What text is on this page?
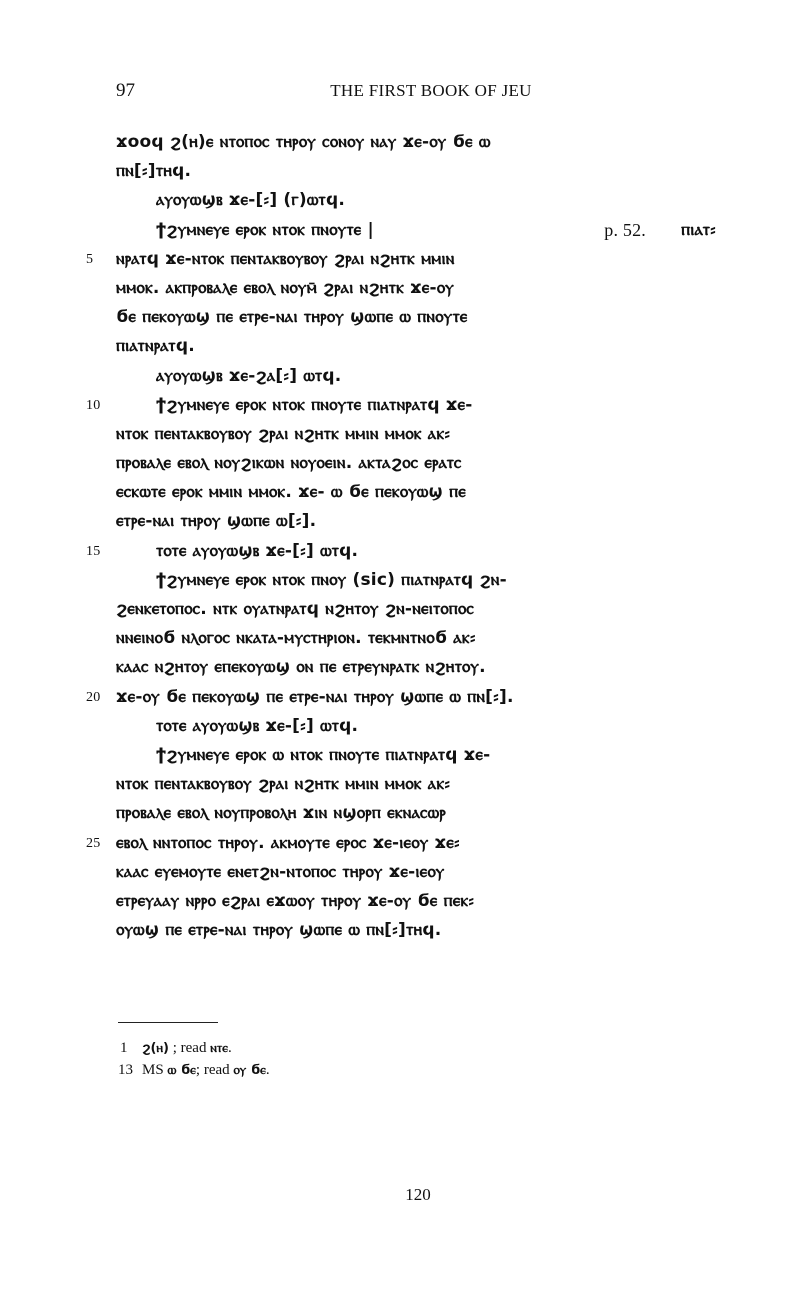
97	THE FIRST BOOK OF JEU
ϫοοϥ ϩ(ⲏ)ⲉ ⲛⲧⲟⲡⲟⲥ ⲧⲏⲣⲟⲩ ⲥⲟⲛⲟⲩ ⲛⲁⲩ ϫⲉ-ⲟⲩ ϭⲉ ⲱ
ⲡⲛ[⸗]ⲧⲏϥ.
ⲁⲩⲟⲩⲱϣⲃ ϫⲉ-[⸗] (ⲅ)ⲱⲧϥ.
ϯϩⲩⲙⲛⲉⲩⲉ ⲉⲣⲟⲕ ⲛⲧⲟⲕ ⲡⲛⲟⲩⲧⲉ |	p. 52. ⲡⲓⲁⲧ⸗
ⲛⲣⲁⲧϥ ϫⲉ-ⲛⲧⲟⲕ ⲡⲉⲛⲧⲁⲕⲃⲟⲩⲃⲟⲩ ϩⲣⲁⲓ ⲛϩⲏⲧⲕ ⲙⲙⲓⲛ
5
ⲙⲙⲟⲕ. ⲁⲕⲡⲣⲟⲃⲁⲗⲉ ⲉⲃⲟⲗ ⲛⲟⲩⲙ̄ ϩⲣⲁⲓ ⲛϩⲏⲧⲕ ϫⲉ-ⲟⲩ
ϭⲉ ⲡⲉⲕⲟⲩⲱϣ ⲡⲉ ⲉⲧⲣⲉ-ⲛⲁⲓ ⲧⲏⲣⲟⲩ ϣⲱⲡⲉ ⲱ ⲡⲛⲟⲩⲧⲉ
ⲡⲓⲁⲧⲛⲣⲁⲧϥ.
ⲁⲩⲟⲩⲱϣⲃ ϫⲉ-ϩⲁ[⸗] ⲱⲧϥ.
ϯϩⲩⲙⲛⲉⲩⲉ ⲉⲣⲟⲕ ⲛⲧⲟⲕ ⲡⲛⲟⲩⲧⲉ ⲡⲓⲁⲧⲛⲣⲁⲧϥ ϫⲉ-
10
ⲛⲧⲟⲕ ⲡⲉⲛⲧⲁⲕⲃⲟⲩⲃⲟⲩ ϩⲣⲁⲓ ⲛϩⲏⲧⲕ ⲙⲙⲓⲛ ⲙⲙⲟⲕ ⲁⲕ⸗
ⲡⲣⲟⲃⲁⲗⲉ ⲉⲃⲟⲗ ⲛⲟⲩϩⲓⲕⲱⲛ ⲛⲟⲩⲟⲉⲓⲛ. ⲁⲕⲧⲁϩⲟⲥ ⲉⲣⲁⲧⲥ
ⲉⲥⲕⲱⲧⲉ ⲉⲣⲟⲕ ⲙⲙⲓⲛ ⲙⲙⲟⲕ. ϫⲉ- ⲱ ϭⲉ ⲡⲉⲕⲟⲩⲱϣ ⲡⲉ
ⲉⲧⲣⲉ-ⲛⲁⲓ ⲧⲏⲣⲟⲩ ϣⲱⲡⲉ ⲱ[⸗].
ⲧⲟⲧⲉ ⲁⲩⲟⲩⲱϣⲃ ϫⲉ-[⸗] ⲱⲧϥ.
15
ϯϩⲩⲙⲛⲉⲩⲉ ⲉⲣⲟⲕ ⲛⲧⲟⲕ ⲡⲛⲟⲩ (sic) ⲡⲓⲁⲧⲛⲣⲁⲧϥ ϩⲛ-
ϩⲉⲛⲕⲉⲧⲟⲡⲟⲥ. ⲛⲧⲕ ⲟⲩⲁⲧⲛⲣⲁⲧϥ ⲛϩⲏⲧⲟⲩ ϩⲛ-ⲛⲉⲓⲧⲟⲡⲟⲥ
ⲛⲛⲉⲓⲛⲟϭ ⲛⲗⲟⲅⲟⲥ ⲛⲕⲁⲧⲁ-ⲙⲩⲥⲧⲏⲣⲓⲟⲛ. ⲧⲉⲕⲙⲛⲧⲛⲟϭ ⲁⲕ⸗
ⲕⲁⲁⲥ ⲛϩⲏⲧⲟⲩ ⲉⲡⲉⲕⲟⲩⲱϣ ⲟⲛ ⲡⲉ ⲉⲧⲣⲉⲩⲛⲣⲁⲧⲕ ⲛϩⲏⲧⲟⲩ.
ϫⲉ-ⲟⲩ ϭⲉ ⲡⲉⲕⲟⲩⲱϣ ⲡⲉ ⲉⲧⲣⲉ-ⲛⲁⲓ ⲧⲏⲣⲟⲩ ϣⲱⲡⲉ ⲱ ⲡⲛ[⸗].
20
ⲧⲟⲧⲉ ⲁⲩⲟⲩⲱϣⲃ ϫⲉ-[⸗] ⲱⲧϥ.
ϯϩⲩⲙⲛⲉⲩⲉ ⲉⲣⲟⲕ ⲱ ⲛⲧⲟⲕ ⲡⲛⲟⲩⲧⲉ ⲡⲓⲁⲧⲛⲣⲁⲧϥ ϫⲉ-
ⲛⲧⲟⲕ ⲡⲉⲛⲧⲁⲕⲃⲟⲩⲃⲟⲩ ϩⲣⲁⲓ ⲛϩⲏⲧⲕ ⲙⲙⲓⲛ ⲙⲙⲟⲕ ⲁⲕ⸗
ⲡⲣⲟⲃⲁⲗⲉ ⲉⲃⲟⲗ ⲛⲟⲩⲡⲣⲟⲃⲟⲗⲏ ϫⲓⲛ ⲛϣⲟⲣⲡ ⲉⲕⲛⲁⲥⲱⲣ
ⲉⲃⲟⲗ ⲛⲛⲧⲟⲡⲟⲥ ⲧⲏⲣⲟⲩ. ⲁⲕⲙⲟⲩⲧⲉ ⲉⲣⲟⲥ ϫⲉ-ⲓⲉⲟⲩ ϫⲉ⸗
25
ⲕⲁⲁⲥ ⲉⲩⲉⲙⲟⲩⲧⲉ ⲉⲛⲉⲧϩⲛ-ⲛⲧⲟⲡⲟⲥ ⲧⲏⲣⲟⲩ ϫⲉ-ⲓⲉⲟⲩ
ⲉⲧⲣⲉⲩⲁⲁⲩ ⲛⲣⲣⲟ ⲉϩⲣⲁⲓ ⲉϫⲱⲟⲩ ⲧⲏⲣⲟⲩ ϫⲉ-ⲟⲩ ϭⲉ ⲡⲉⲕ⸗
ⲟⲩⲱϣ ⲡⲉ ⲉⲧⲣⲉ-ⲛⲁⲓ ⲧⲏⲣⲟⲩ ϣⲱⲡⲉ ⲱ ⲡⲛ[⸗]ⲧⲏϥ.
1 ϩ(ⲏ) ; read ⲛⲧⲉ.
13 MS ⲱ ϭⲉ; read ⲟⲩ ϭⲉ.
120
